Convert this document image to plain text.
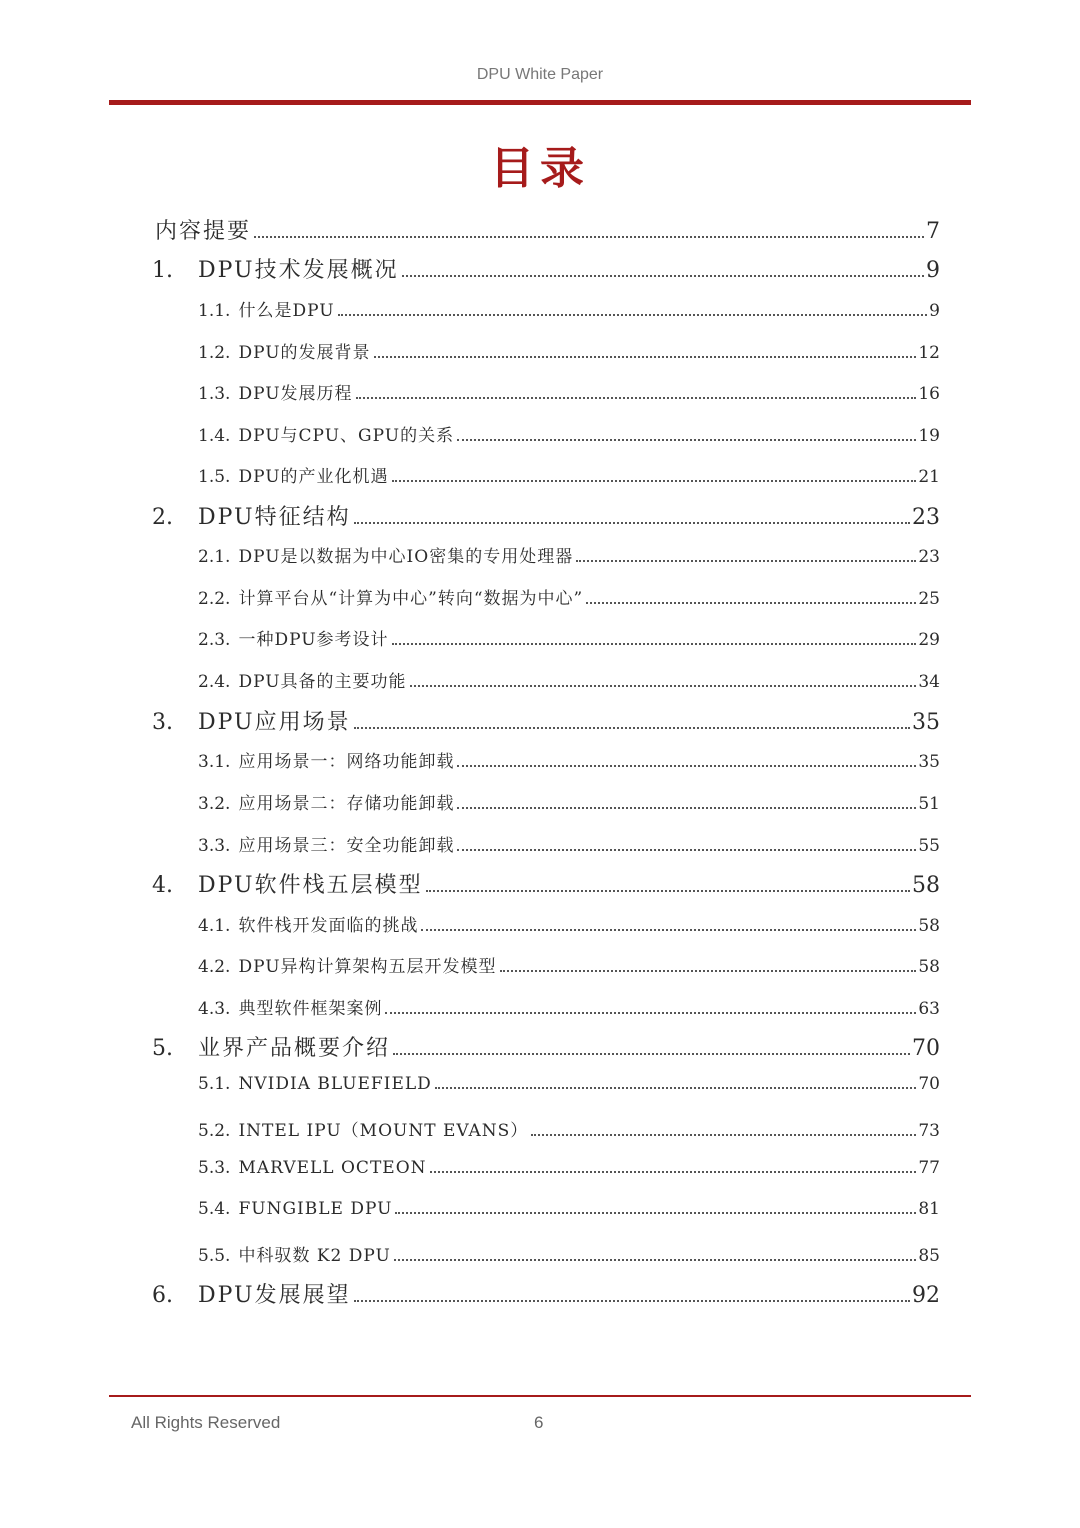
DPU White Paper
目录
内容提要	7
1.	DPU技术发展概况	9
1.1. 什么是DPU	9
1.2. DPU的发展背景	12
1.3. DPU发展历程	16
1.4. DPU与CPU、GPU的关系	19
1.5. DPU的产业化机遇	21
2.	DPU特征结构	23
2.1. DPU是以数据为中心IO密集的专用处理器	23
2.2. 计算平台从“计算为中心”转向“数据为中心”	25
2.3. 一种DPU参考设计	29
2.4. DPU具备的主要功能	34
3.	DPU应用场景	35
3.1. 应用场景一：网络功能卸载	35
3.2. 应用场景二：存储功能卸载	51
3.3. 应用场景三：安全功能卸载	55
4.	DPU软件栈五层模型	58
4.1. 软件栈开发面临的挑战	58
4.2. DPU异构计算架构五层开发模型	58
4.3. 典型软件框架案例	63
5.	业界产品概要介绍	70
5.1. NVIDIA BLUEFIELD	70
5.2. INTEL IPU（MOUNT EVANS）	73
5.3. MARVELL OCTEON	77
5.4. FUNGIBLE DPU	81
5.5. 中科驭数 K2 DPU	85
6.	DPU发展展望	92
All Rights Reserved	6
